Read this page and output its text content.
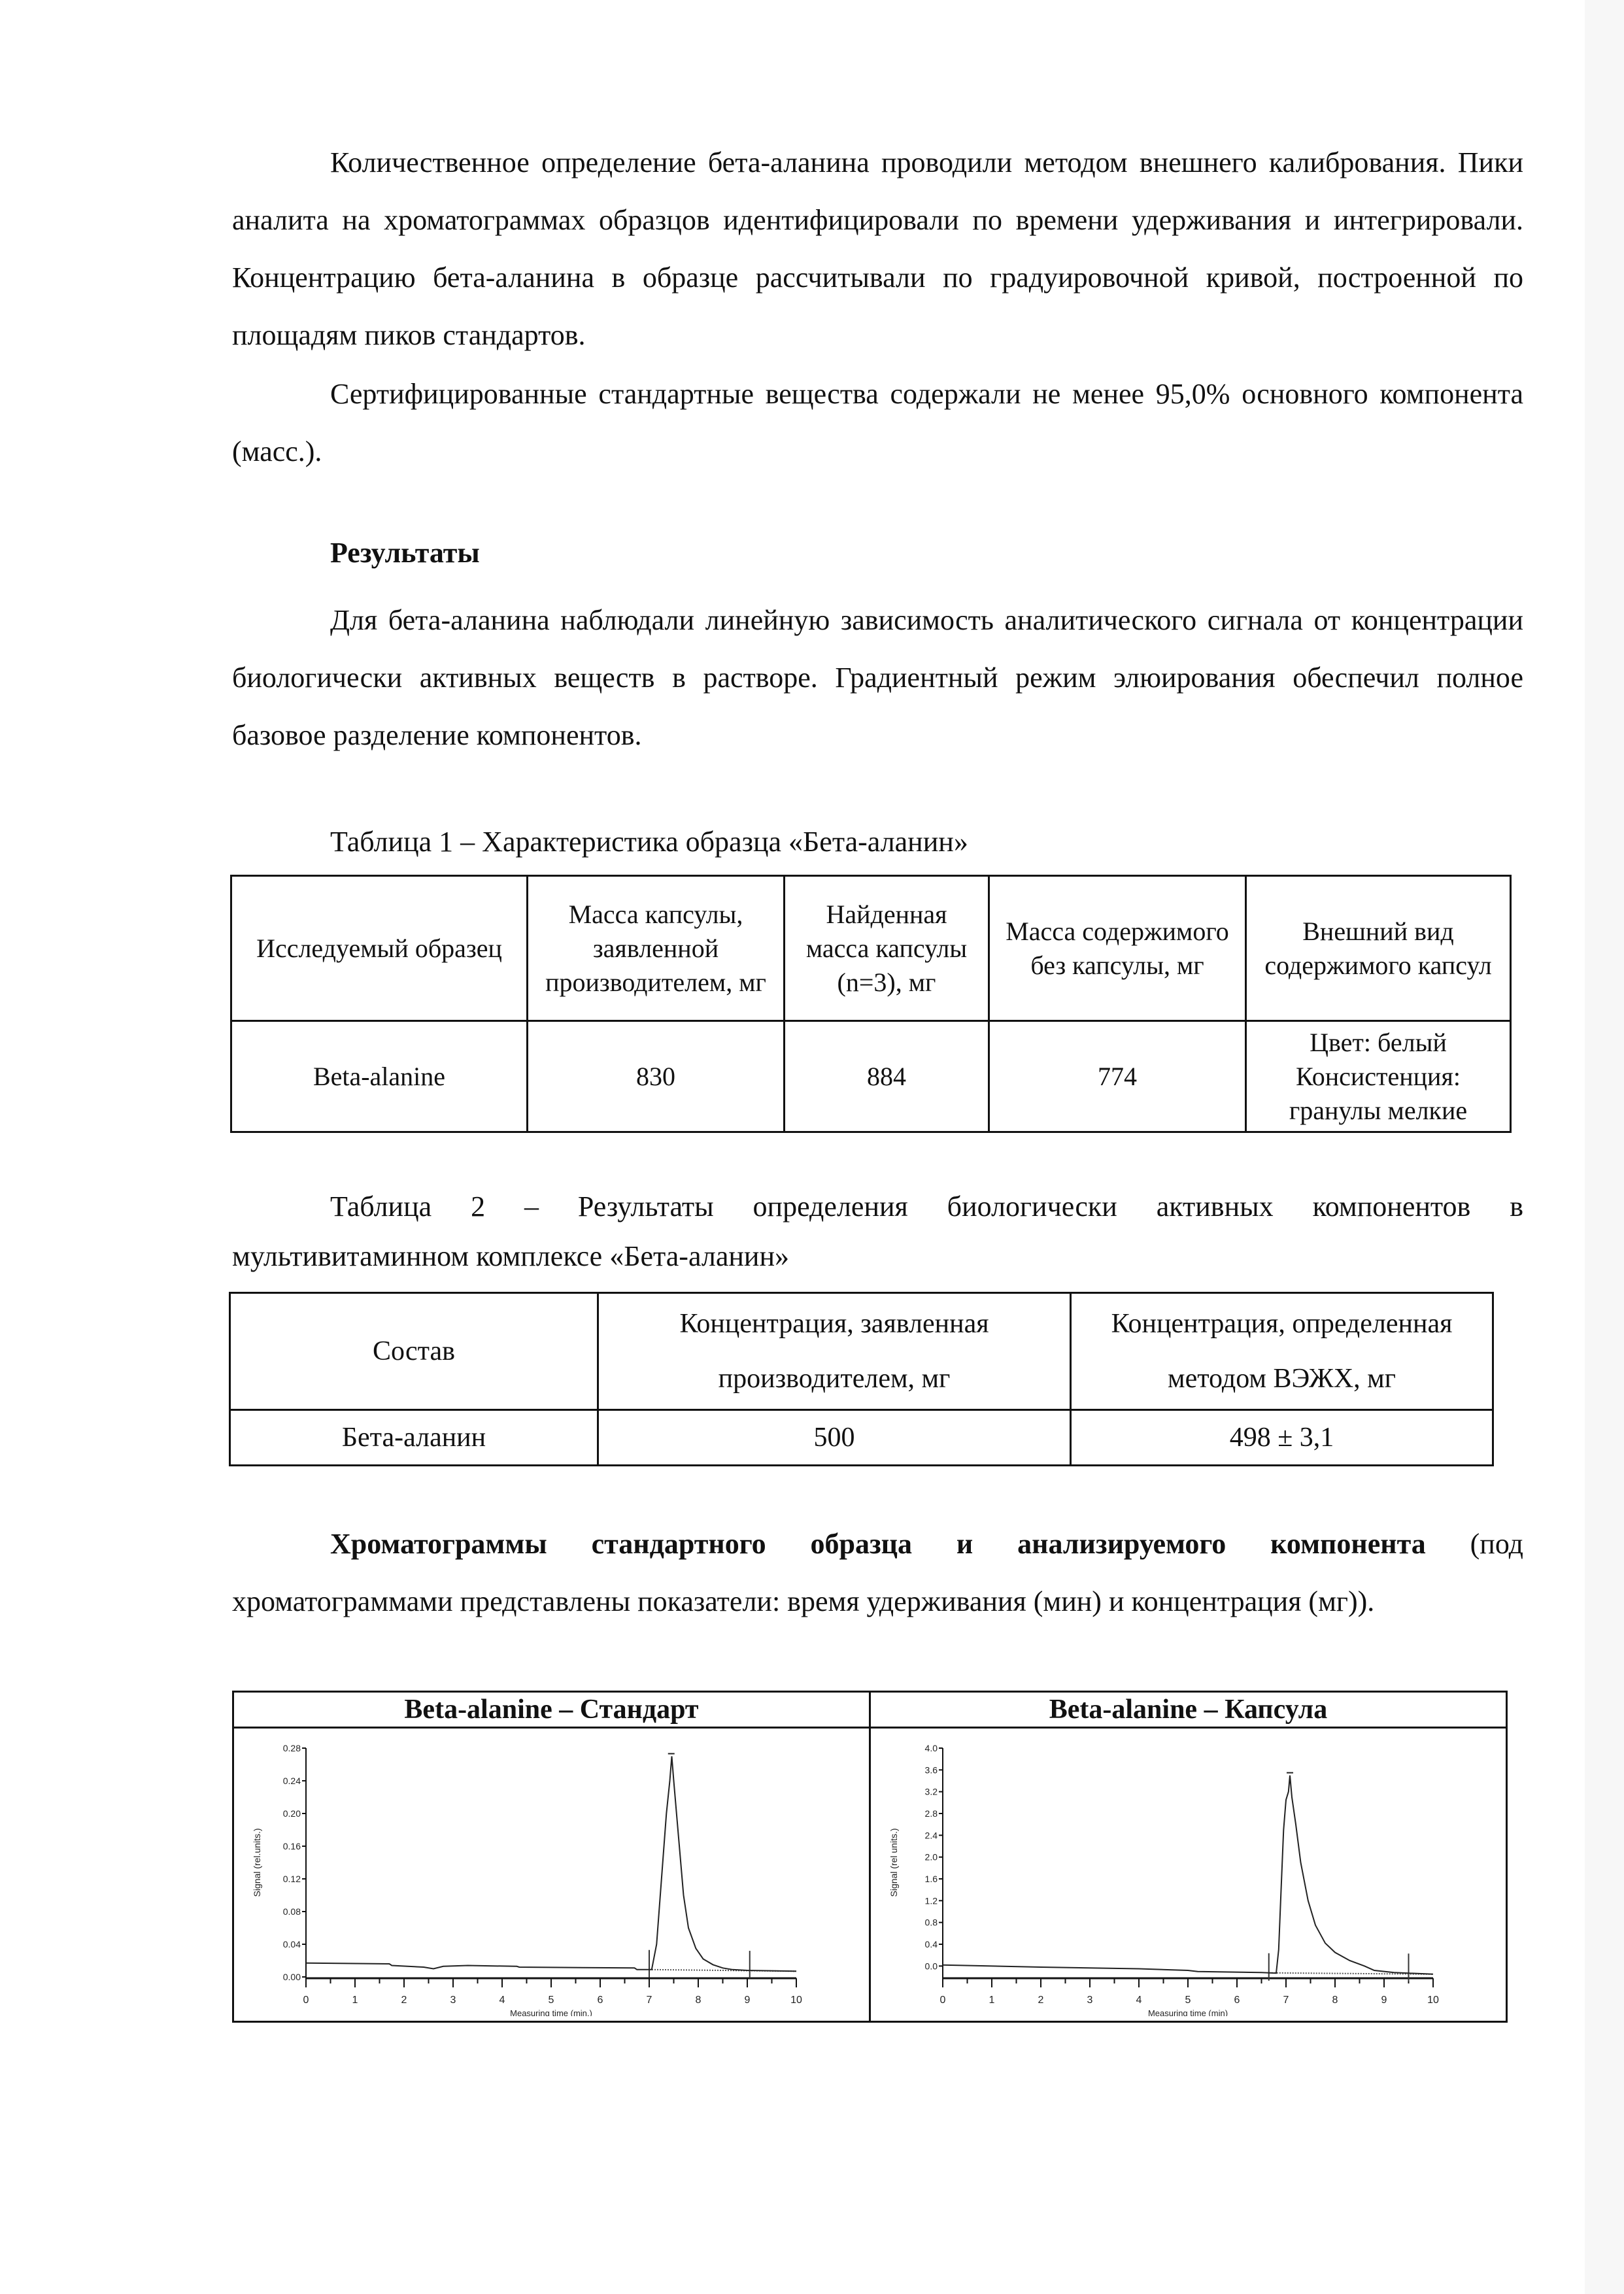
Количественное определение бета-аланина проводили методом внешнего калибрования. Пики аналита на хроматограммах образцов идентифицировали по времени удерживания и интегрировали. Концентрацию бета-аланина в образце рассчитывали по градуировочной кривой, построенной по площадям пиков стандартов.

Сертифицированные стандартные вещества содержали не менее 95,0% основного компонента (масс.).

Результаты

Для бета-аланина наблюдали линейную зависимость аналитического сигнала от концентрации биологически активных веществ в растворе. Градиентный режим элюирования обеспечил полное базовое разделение компонентов.

Таблица 1 – Характеристика образца «Бета-аланин»
Исследуемый образец	Масса капсулы, заявленной производителем, мг	Найденная масса капсулы (n=3), мг	Масса содержимого без капсулы, мг	Внешний вид содержимого капсул
Beta-alanine	830	884	774	Цвет: белый
Консистенция:
гранулы мелкие

Таблица 2 – Результаты определения биологически активных компонентов в

мультивитаминном комплексе «Бета-аланин»

Состав	Концентрация, заявленная производителем, мг	Концентрация, определенная методом ВЭЖХ, мг
Бета-аланин	500	498 ± 3,1

Хроматограммы стандартного образца и анализируемого компонента (под хроматограммами представлены показатели: время удерживания (мин) и концентрация (мг)).

Beta-alanine – Стандарт
0.00
0.04
0.08
0.12
0.16
0.20
0.24
0.28
0	1	2	3	4	5	6	7	8	9	10
Measuring time (min.)
Signal (rel.units.)
Beta-alanine – Капсула
0.0
0.4
0.8
1.2
1.6
2.0
2.4
2.8
3.2
3.6
4.0
0	1	2	3	4	5	6	7	8	9	10
Measuring time (min)
Signal (rel units.)
